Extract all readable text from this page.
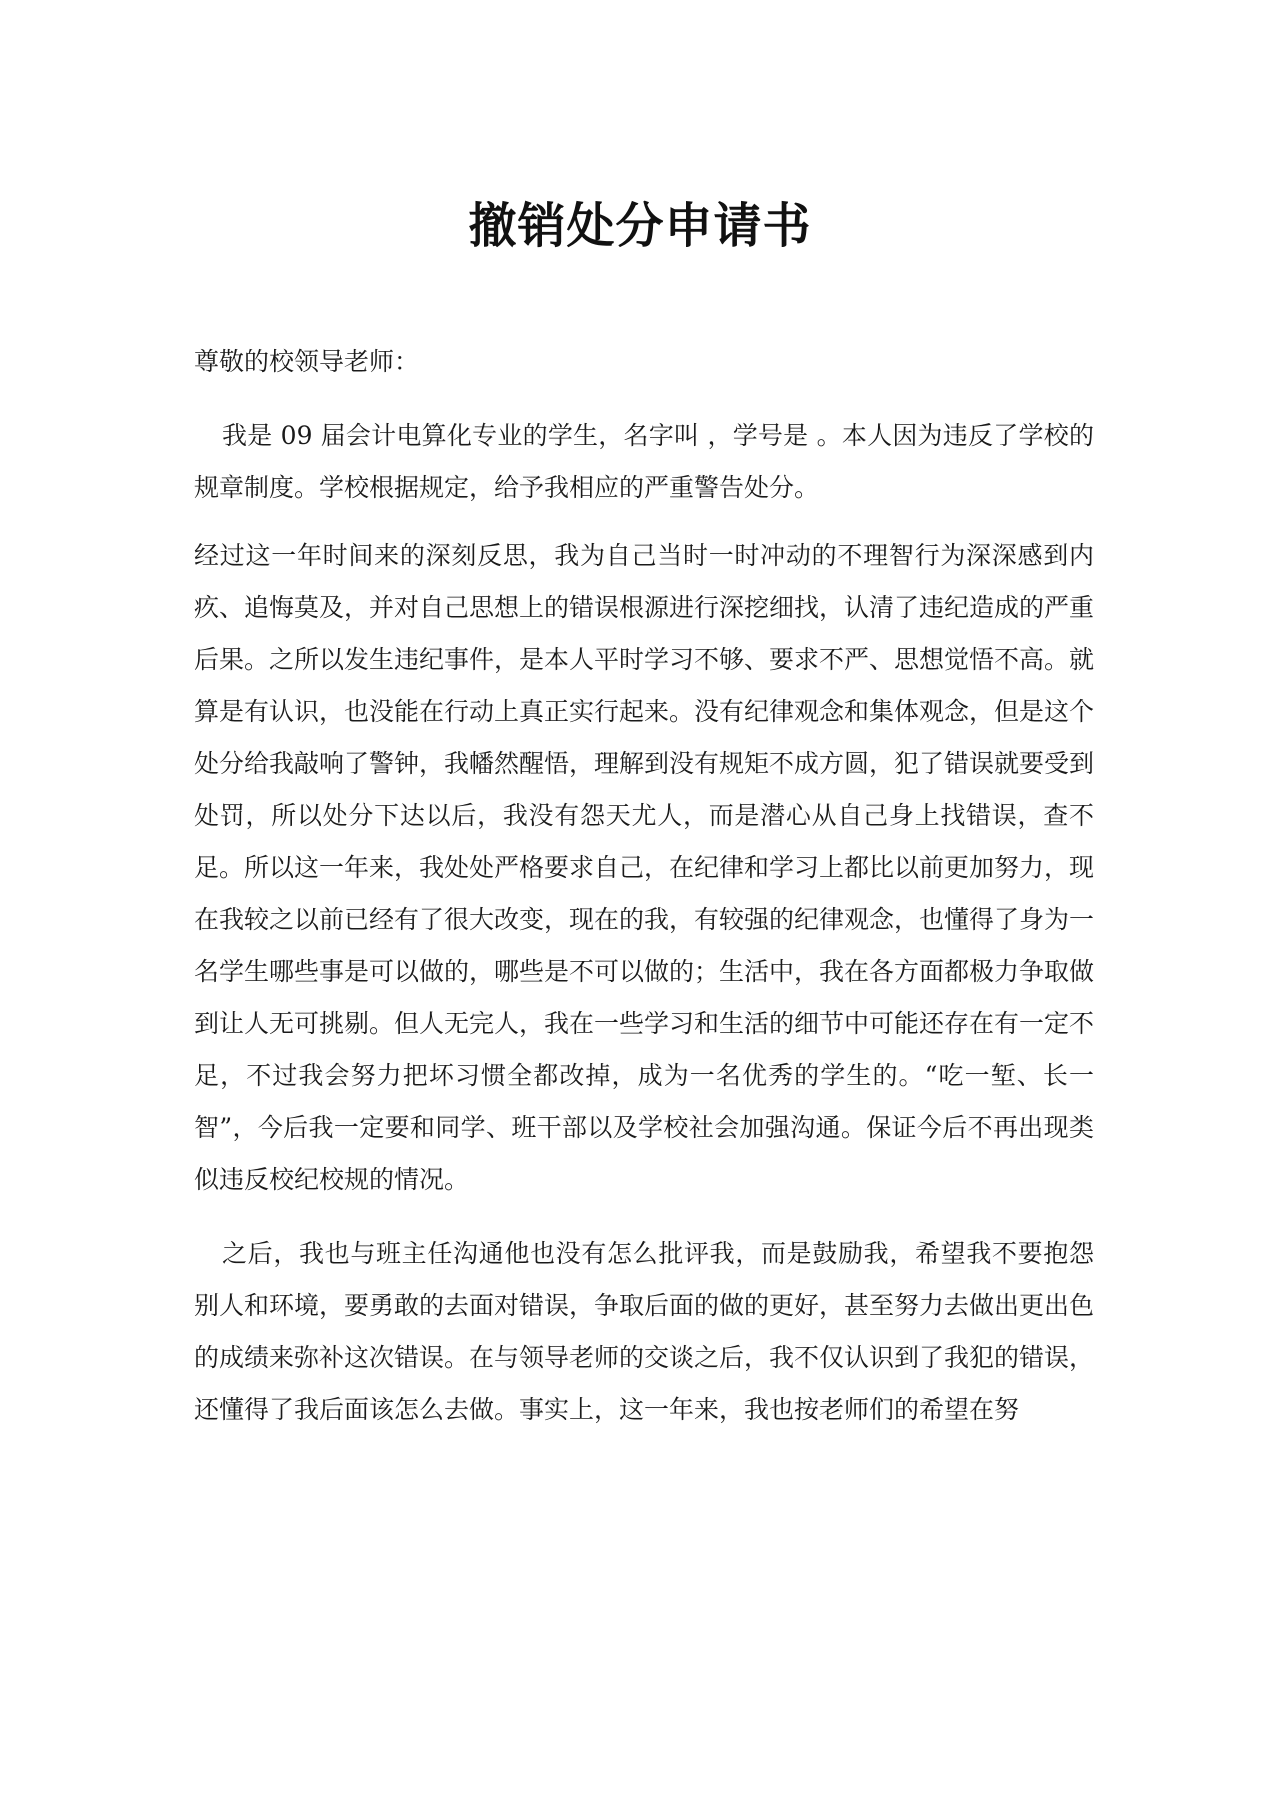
撤销处分申请书

尊敬的校领导老师：

我是 09 届会计电算化专业的学生，名字叫 ，学号是 。本人因为违反了学校的规章制度。学校根据规定，给予我相应的严重警告处分。

经过这一年时间来的深刻反思，我为自己当时一时冲动的不理智行为深深感到内疚、追悔莫及，并对自己思想上的错误根源进行深挖细找，认清了违纪造成的严重后果。之所以发生违纪事件，是本人平时学习不够、要求不严、思想觉悟不高。就算是有认识，也没能在行动上真正实行起来。没有纪律观念和集体观念，但是这个处分给我敲响了警钟，我幡然醒悟，理解到没有规矩不成方圆，犯了错误就要受到处罚，所以处分下达以后，我没有怨天尤人，而是潜心从自己身上找错误，查不足。所以这一年来，我处处严格要求自己，在纪律和学习上都比以前更加努力，现在我较之以前已经有了很大改变，现在的我，有较强的纪律观念，也懂得了身为一名学生哪些事是可以做的，哪些是不可以做的；生活中，我在各方面都极力争取做到让人无可挑剔。但人无完人，我在一些学习和生活的细节中可能还存在有一定不足，不过我会努力把坏习惯全都改掉，成为一名优秀的学生的。“吃一堑、长一智”，今后我一定要和同学、班干部以及学校社会加强沟通。保证今后不再出现类似违反校纪校规的情况。

之后，我也与班主任沟通他也没有怎么批评我，而是鼓励我，希望我不要抱怨别人和环境，要勇敢的去面对错误，争取后面的做的更好，甚至努力去做出更出色的成绩来弥补这次错误。在与领导老师的交谈之后，我不仅认识到了我犯的错误，还懂得了我后面该怎么去做。事实上，这一年来，我也按老师们的希望在努
